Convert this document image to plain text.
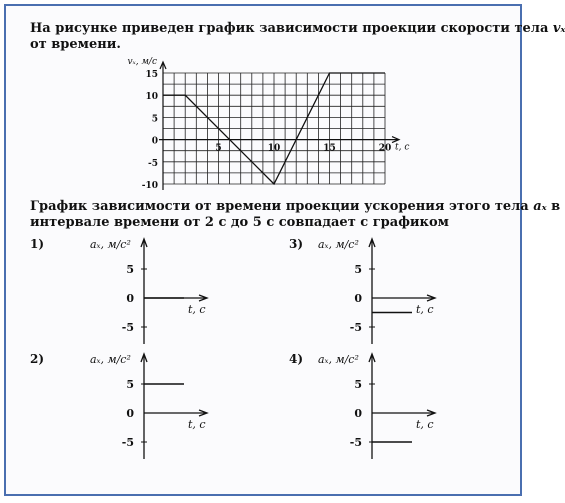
На рисунке приведен график зависимости проекции скорости тела vₓ
от времени.
График зависимости от времени проекции ускорения этого тела aₓ в
интервале времени от 2 с до 5 с совпадает с графиком
15
10
5
0
-5
-10
5	10	15	20
vₓ, м/с
t, с
1)	aₓ, м/с²
5
0
-5
t, с
2)	aₓ, м/с²
5
0
-5
t, с
3) aₓ, м/с²
5
0
-5
t, с
4) aₓ, м/с²
5
0
-5
t, с
